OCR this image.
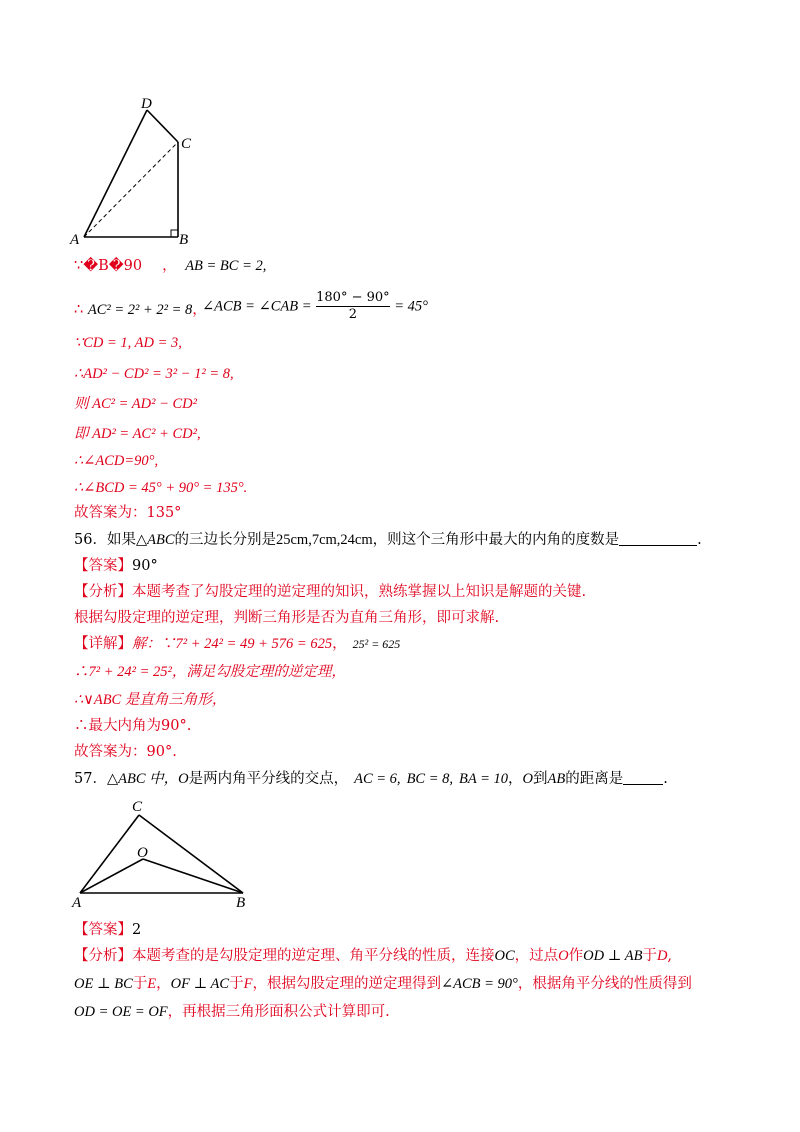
D
C
A	B
∵�B�90 ， AB = BC = 2,
∴ AC² = 2² + 2² = 8，
∠ACB = ∠CAB = $\frac{180^\circ - 90^\circ}{2} = 45^\circ$
∵CD = 1, AD = 3,
∴AD² − CD² = 3² − 1² = 8,
则 AC² = AD² − CD²
即 AD² = AC² + CD²,
∴∠ACD=90°,
∴∠BCD = 45° + 90° = 135°.
故答案为：135°
56．如果△ABC的三边长分别是25cm,7cm,24cm，则这个三角形中最大的内角的度数是	.
【答案】90°
【分析】本题考查了勾股定理的逆定理的知识，熟练掌握以上知识是解题的关键.
根据勾股定理的逆定理，判断三角形是否为直角三角形，即可求解.
【详解】解：∵7² + 24² = 49 + 576 = 625， 25² = 625
∴7² + 24² = 25²，满足勾股定理的逆定理，
∴∨ABC 是直角三角形，
∴最大内角为90°.
故答案为：90°.
57．△ABC 中，O是两内角平分线的交点， AC = 6, BC = 8, BA = 10，O到AB的距离是	.
C
O
A	B
【答案】2
【分析】本题考查的是勾股定理的逆定理、角平分线的性质，连接OC，过点O作OD ⊥ AB于D,
OE ⊥ BC于E，OF ⊥ AC于F，根据勾股定理的逆定理得到∠ACB = 90°，根据角平分线的性质得到
OD = OE = OF，再根据三角形面积公式计算即可.
